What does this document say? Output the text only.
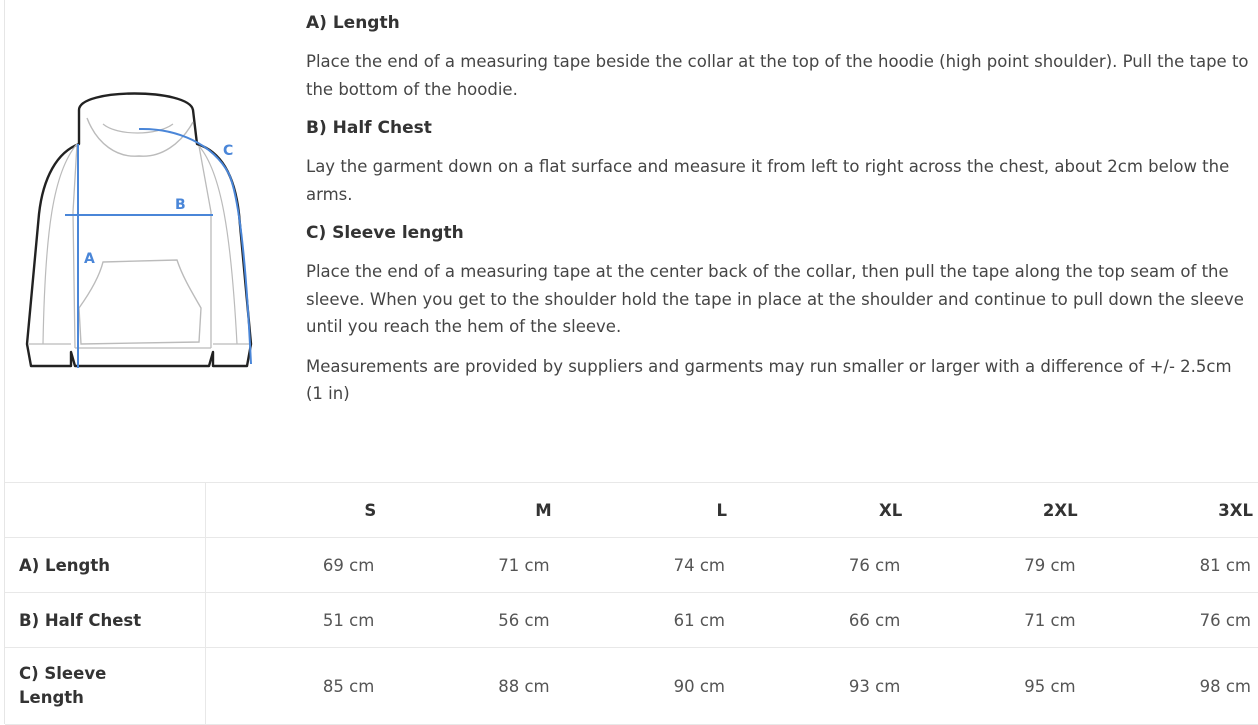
A
B
C
A) Length

Place the end of a measuring tape beside the collar at the top of the hoodie (high point shoulder). Pull the tape to the bottom of the hoodie.

B) Half Chest

Lay the garment down on a flat surface and measure it from left to right across the chest, about 2cm below the arms.

C) Sleeve length

Place the end of a measuring tape at the center back of the collar, then pull the tape along the top seam of the sleeve. When you get to the shoulder hold the tape in place at the shoulder and continue to pull down the sleeve until you reach the hem of the sleeve.

Measurements are provided by suppliers and garments may run smaller or larger with a difference of +/- 2.5cm (1 in)

	S	M	L	XL	2XL	3XL
A) Length	69 cm	71 cm	74 cm	76 cm	79 cm	81 cm
B) Half Chest	51 cm	56 cm	61 cm	66 cm	71 cm	76 cm
C) Sleeve
Length	85 cm	88 cm	90 cm	93 cm	95 cm	98 cm
